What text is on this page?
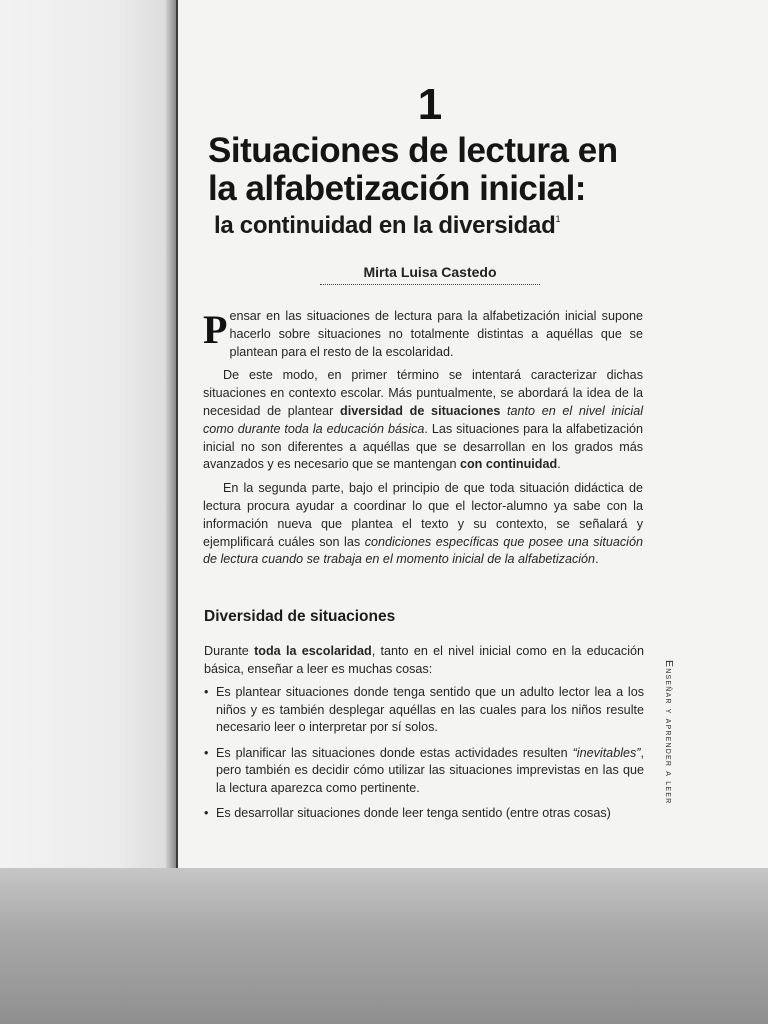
1
Situaciones de lectura en
la alfabetización inicial:
la continuidad en la diversidad$^1$
Mirta Luisa Castedo

Pensar en las situaciones de lectura para la alfabetización inicial supone hacerlo sobre situaciones no totalmente distintas a aquéllas que se plantean para el resto de la escolaridad.

De este modo, en primer término se intentará caracterizar dichas situaciones en contexto escolar. Más puntualmente, se abordará la idea de la necesidad de plantear diversidad de situaciones tanto en el nivel inicial como durante toda la educación básica. Las situaciones para la alfabetización inicial no son diferentes a aquéllas que se desarrollan en los grados más avanzados y es necesario que se mantengan con continuidad.

En la segunda parte, bajo el principio de que toda situación didáctica de lectura procura ayudar a coordinar lo que el lector-alumno ya sabe con la información nueva que plantea el texto y su contexto, se señalará y ejemplificará cuáles son las condiciones específicas que posee una situación de lectura cuando se trabaja en el momento inicial de la alfabetización.

Diversidad de situaciones

Durante toda la escolaridad, tanto en el nivel inicial como en la educación básica, enseñar a leer es muchas cosas:

• Es plantear situaciones donde tenga sentido que un adulto lector lea a los niños y es también desplegar aquéllas en las cuales para los niños resulte necesario leer o interpretar por sí solos.
• Es planificar las situaciones donde estas actividades resulten “inevitables”, pero también es decidir cómo utilizar las situaciones imprevistas en las que la lectura aparezca como pertinente.
• Es desarrollar situaciones donde leer tenga sentido (entre otras cosas)
Enseñar y aprender a leer
